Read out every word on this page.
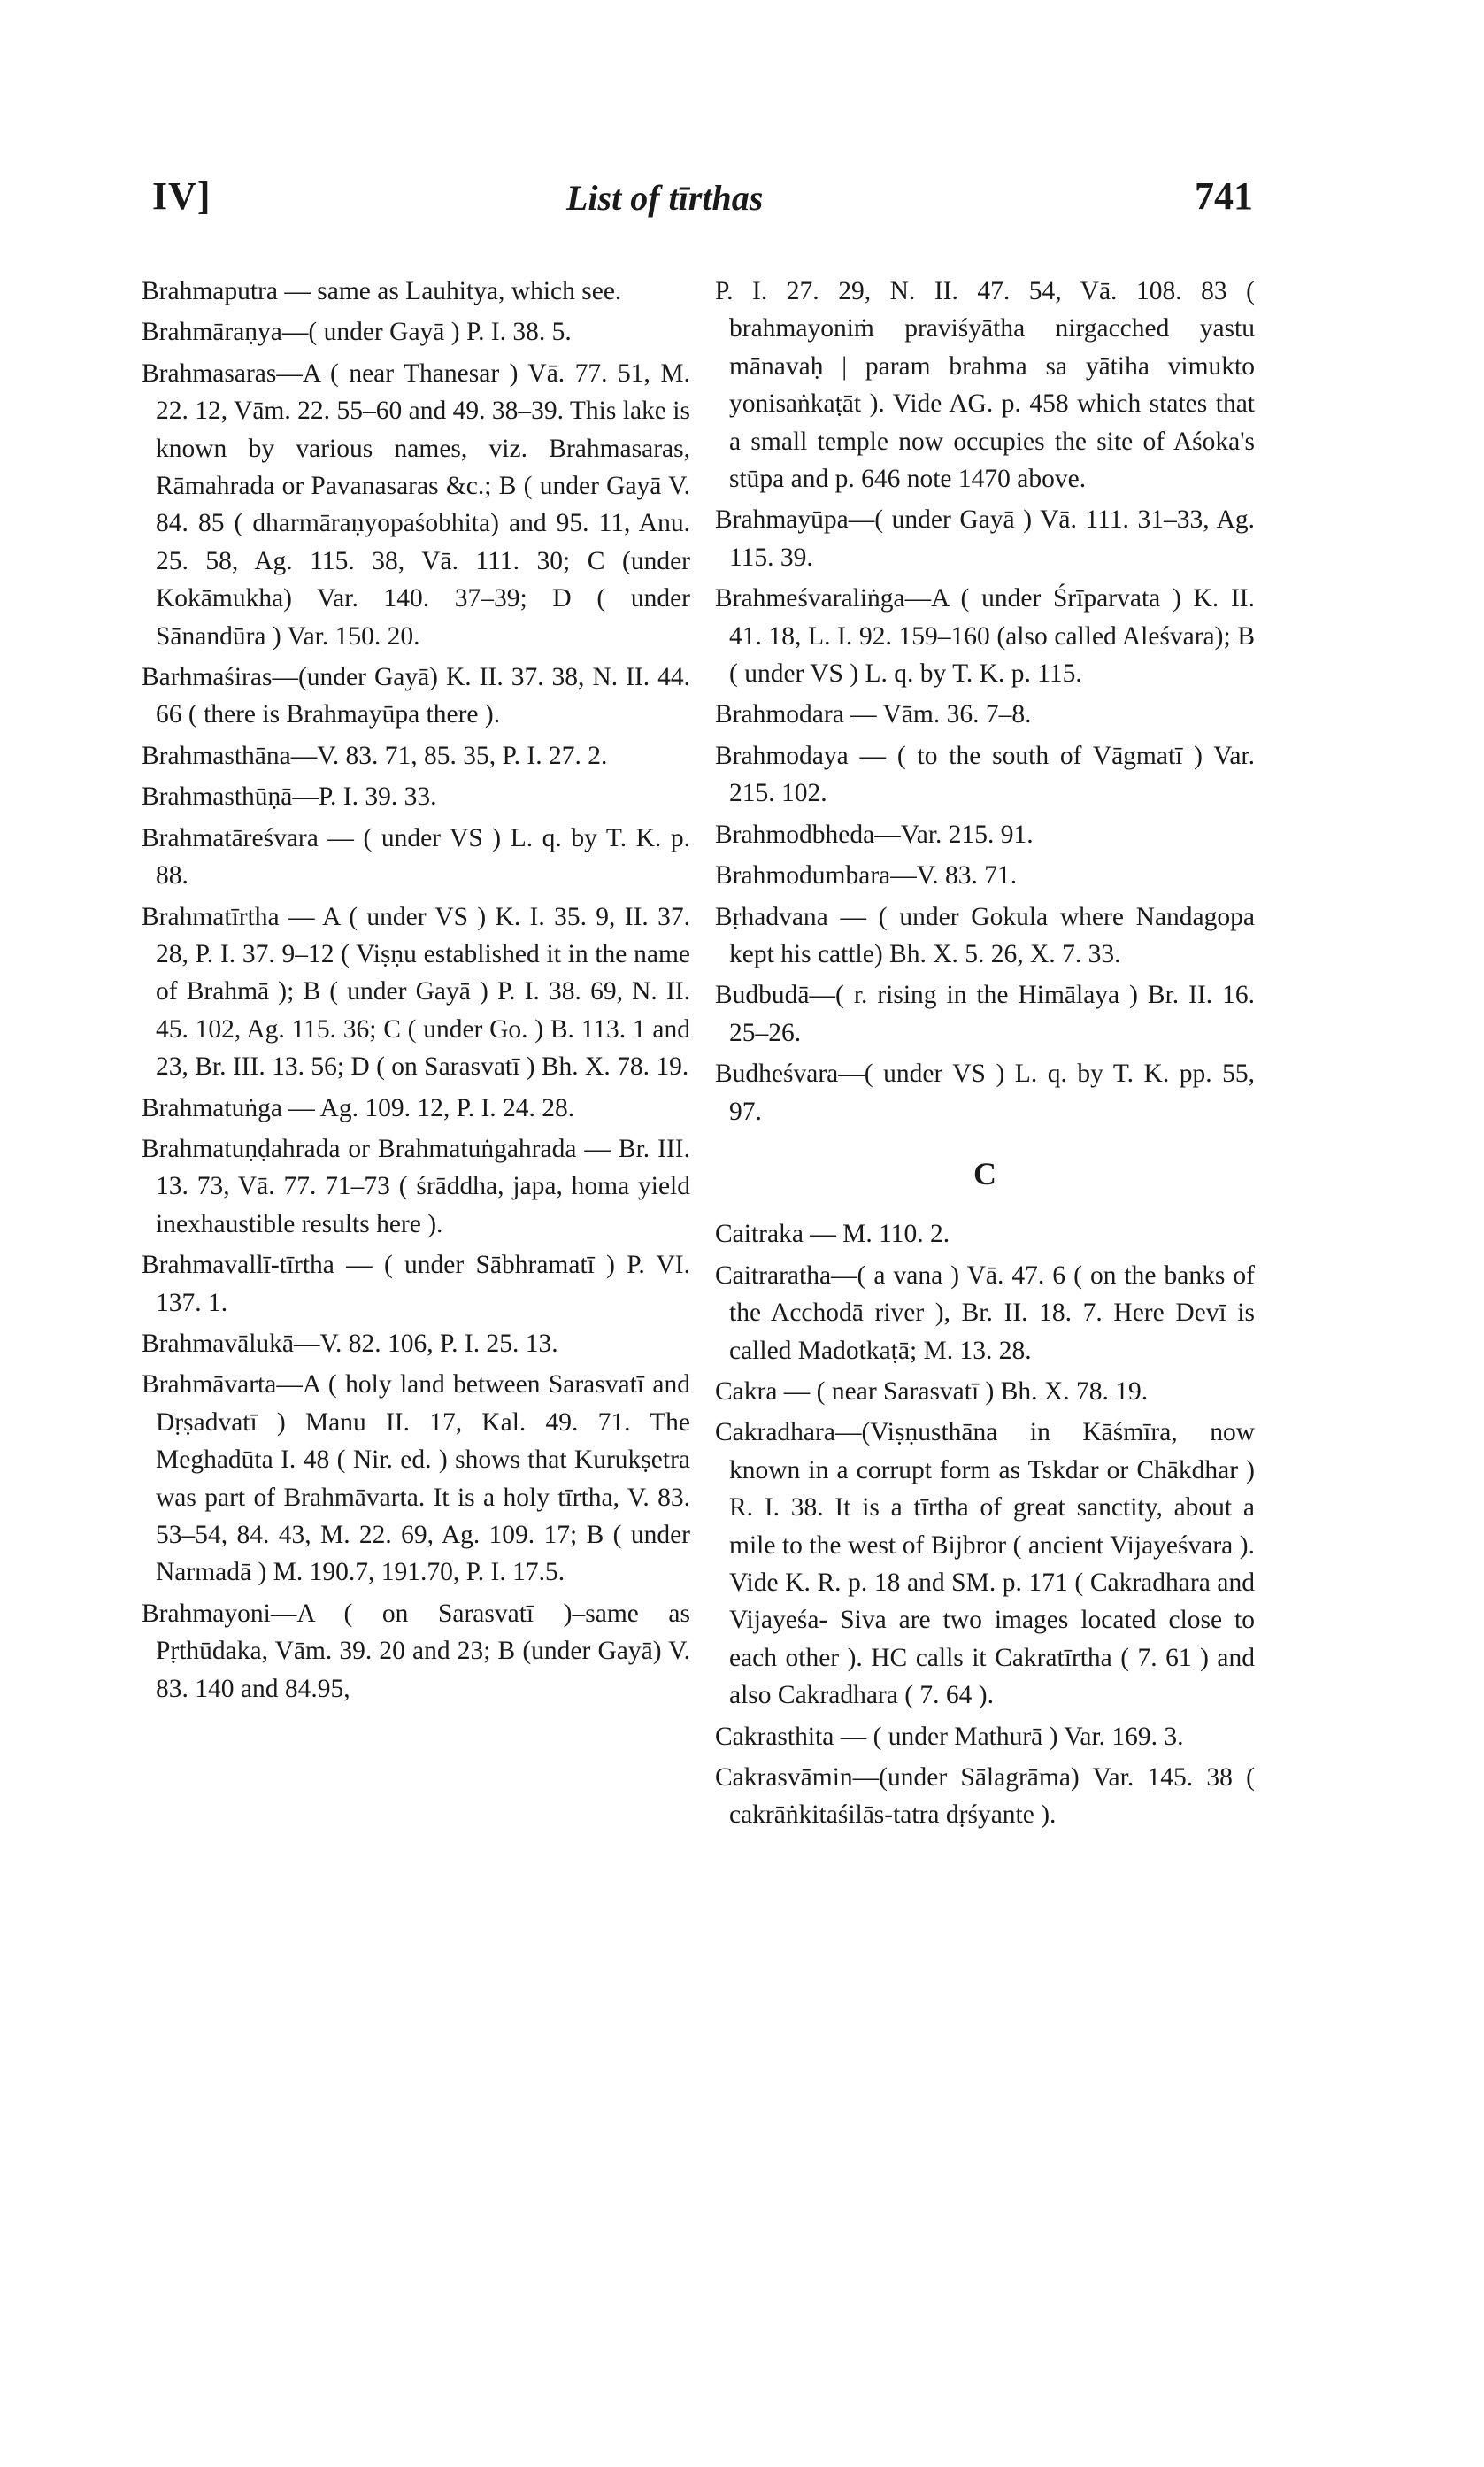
IV]	List of tīrthas	741

Brahmaputra — same as Lauhitya, which see.

Brahmāraṇya—( under Gayā ) P. I. 38. 5.

Brahmasaras—A ( near Thanesar ) Vā. 77. 51, M. 22. 12, Vām. 22. 55–60 and 49. 38–39. This lake is known by various names, viz. Brahmasaras, Rāmahrada or Pavanasaras &c.; B ( under Gayā V. 84. 85 ( dharmāraṇyopaśobhita) and 95. 11, Anu. 25. 58, Ag. 115. 38, Vā. 111. 30; C (under Kokāmukha) Var. 140. 37–39; D ( under Sānandūra ) Var. 150. 20.

Barhmaśiras—(under Gayā) K. II. 37. 38, N. II. 44. 66 ( there is Brahmayūpa there ).

Brahmasthāna—V. 83. 71, 85. 35, P. I. 27. 2.

Brahmasthūṇā—P. I. 39. 33.

Brahmatāreśvara — ( under VS ) L. q. by T. K. p. 88.

Brahmatīrtha — A ( under VS ) K. I. 35. 9, II. 37. 28, P. I. 37. 9–12 ( Viṣṇu established it in the name of Brahmā ); B ( under Gayā ) P. I. 38. 69, N. II. 45. 102, Ag. 115. 36; C ( under Go. ) B. 113. 1 and 23, Br. III. 13. 56; D ( on Sarasvatī ) Bh. X. 78. 19.

Brahmatuṅga — Ag. 109. 12, P. I. 24. 28.

Brahmatuṇḍahrada or Brahmatuṅgahrada — Br. III. 13. 73, Vā. 77. 71–73 ( śrāddha, japa, homa yield inexhaustible results here ).

Brahmavallī-tīrtha — ( under Sābhramatī ) P. VI. 137. 1.

Brahmavālukā—V. 82. 106, P. I. 25. 13.

Brahmāvarta—A ( holy land between Sarasvatī and Dṛṣadvatī ) Manu II. 17, Kal. 49. 71. The Meghadūta I. 48 ( Nir. ed. ) shows that Kurukṣetra was part of Brahmāvarta. It is a holy tīrtha, V. 83. 53–54, 84. 43, M. 22. 69, Ag. 109. 17; B ( under Narmadā ) M. 190.7, 191.70, P. I. 17.5.

Brahmayoni—A ( on Sarasvatī )–same as Pṛthūdaka, Vām. 39. 20 and 23; B (under Gayā) V. 83. 140 and 84.95,

P. I. 27. 29, N. II. 47. 54, Vā. 108. 83 ( brahmayoniṁ praviśyātha nirgacched yastu mānavaḥ | param brahma sa yātiha vimukto yonisaṅkaṭāt ). Vide AG. p. 458 which states that a small temple now occupies the site of Aśoka's stūpa and p. 646 note 1470 above.

Brahmayūpa—( under Gayā ) Vā. 111. 31–33, Ag. 115. 39.

Brahmeśvaraliṅga—A ( under Śrīparvata ) K. II. 41. 18, L. I. 92. 159–160 (also called Aleśvara); B ( under VS ) L. q. by T. K. p. 115.

Brahmodara — Vām. 36. 7–8.

Brahmodaya — ( to the south of Vāgmatī ) Var. 215. 102.

Brahmodbheda—Var. 215. 91.

Brahmodumbara—V. 83. 71.

Bṛhadvana — ( under Gokula where Nandagopa kept his cattle) Bh. X. 5. 26, X. 7. 33.

Budbudā—( r. rising in the Himālaya ) Br. II. 16. 25–26.

Budheśvara—( under VS ) L. q. by T. K. pp. 55, 97.

C

Caitraka — M. 110. 2.

Caitraratha—( a vana ) Vā. 47. 6 ( on the banks of the Acchodā river ), Br. II. 18. 7. Here Devī is called Madotkaṭā; M. 13. 28.

Cakra — ( near Sarasvatī ) Bh. X. 78. 19.

Cakradhara—(Viṣṇusthāna in Kāśmīra, now known in a corrupt form as Tskdar or Chākdhar ) R. I. 38. It is a tīrtha of great sanctity, about a mile to the west of Bijbror ( ancient Vijayeśvara ). Vide K. R. p. 18 and SM. p. 171 ( Cakradhara and Vijayeśa- Siva are two images located close to each other ). HC calls it Cakratīrtha ( 7. 61 ) and also Cakradhara ( 7. 64 ).

Cakrasthita — ( under Mathurā ) Var. 169. 3.

Cakrasvāmin—(under Sālagrāma) Var. 145. 38 ( cakrāṅkitaśilās-tatra dṛśyante ).
